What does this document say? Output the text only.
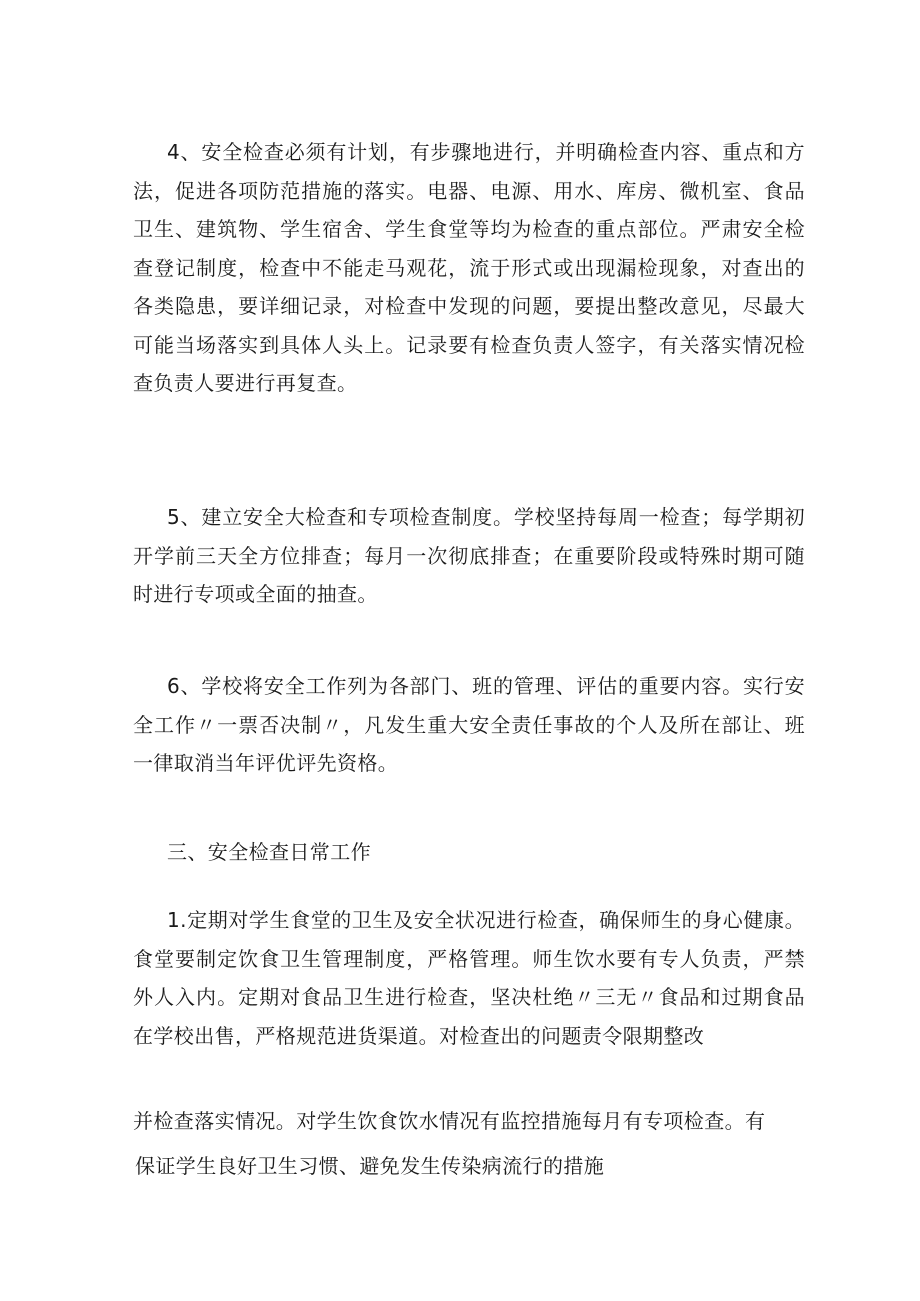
4、安全检查必须有计划，有步骤地进行，并明确检查内容、重点和方法，促进各项防范措施的落实。电器、电源、用水、库房、微机室、食品卫生、建筑物、学生宿舍、学生食堂等均为检查的重点部位。严肃安全检查登记制度，检查中不能走马观花，流于形式或出现漏检现象，对查出的各类隐患，要详细记录，对检查中发现的问题，要提出整改意见，尽最大可能当场落实到具体人头上。记录要有检查负责人签字，有关落实情况检查负责人要进行再复查。

5、建立安全大检查和专项检查制度。学校坚持每周一检查；每学期初开学前三天全方位排查；每月一次彻底排查；在重要阶段或特殊时期可随时进行专项或全面的抽查。

6、学校将安全工作列为各部门、班的管理、评估的重要内容。实行安全工作〃一票否决制〃，凡发生重大安全责任事故的个人及所在部让、班一律取消当年评优评先资格。

三、安全检查日常工作

1.定期对学生食堂的卫生及安全状况进行检查，确保师生的身心健康。食堂要制定饮食卫生管理制度，严格管理。师生饮水要有专人负责，严禁外人入内。定期对食品卫生进行检查，坚决杜绝〃三无〃食品和过期食品在学校出售，严格规范进货渠道。对检查出的问题责令限期整改

并检查落实情况。对学生饮食饮水情况有监控措施每月有专项检查。有

保证学生良好卫生习惯、避免发生传染病流行的措施
